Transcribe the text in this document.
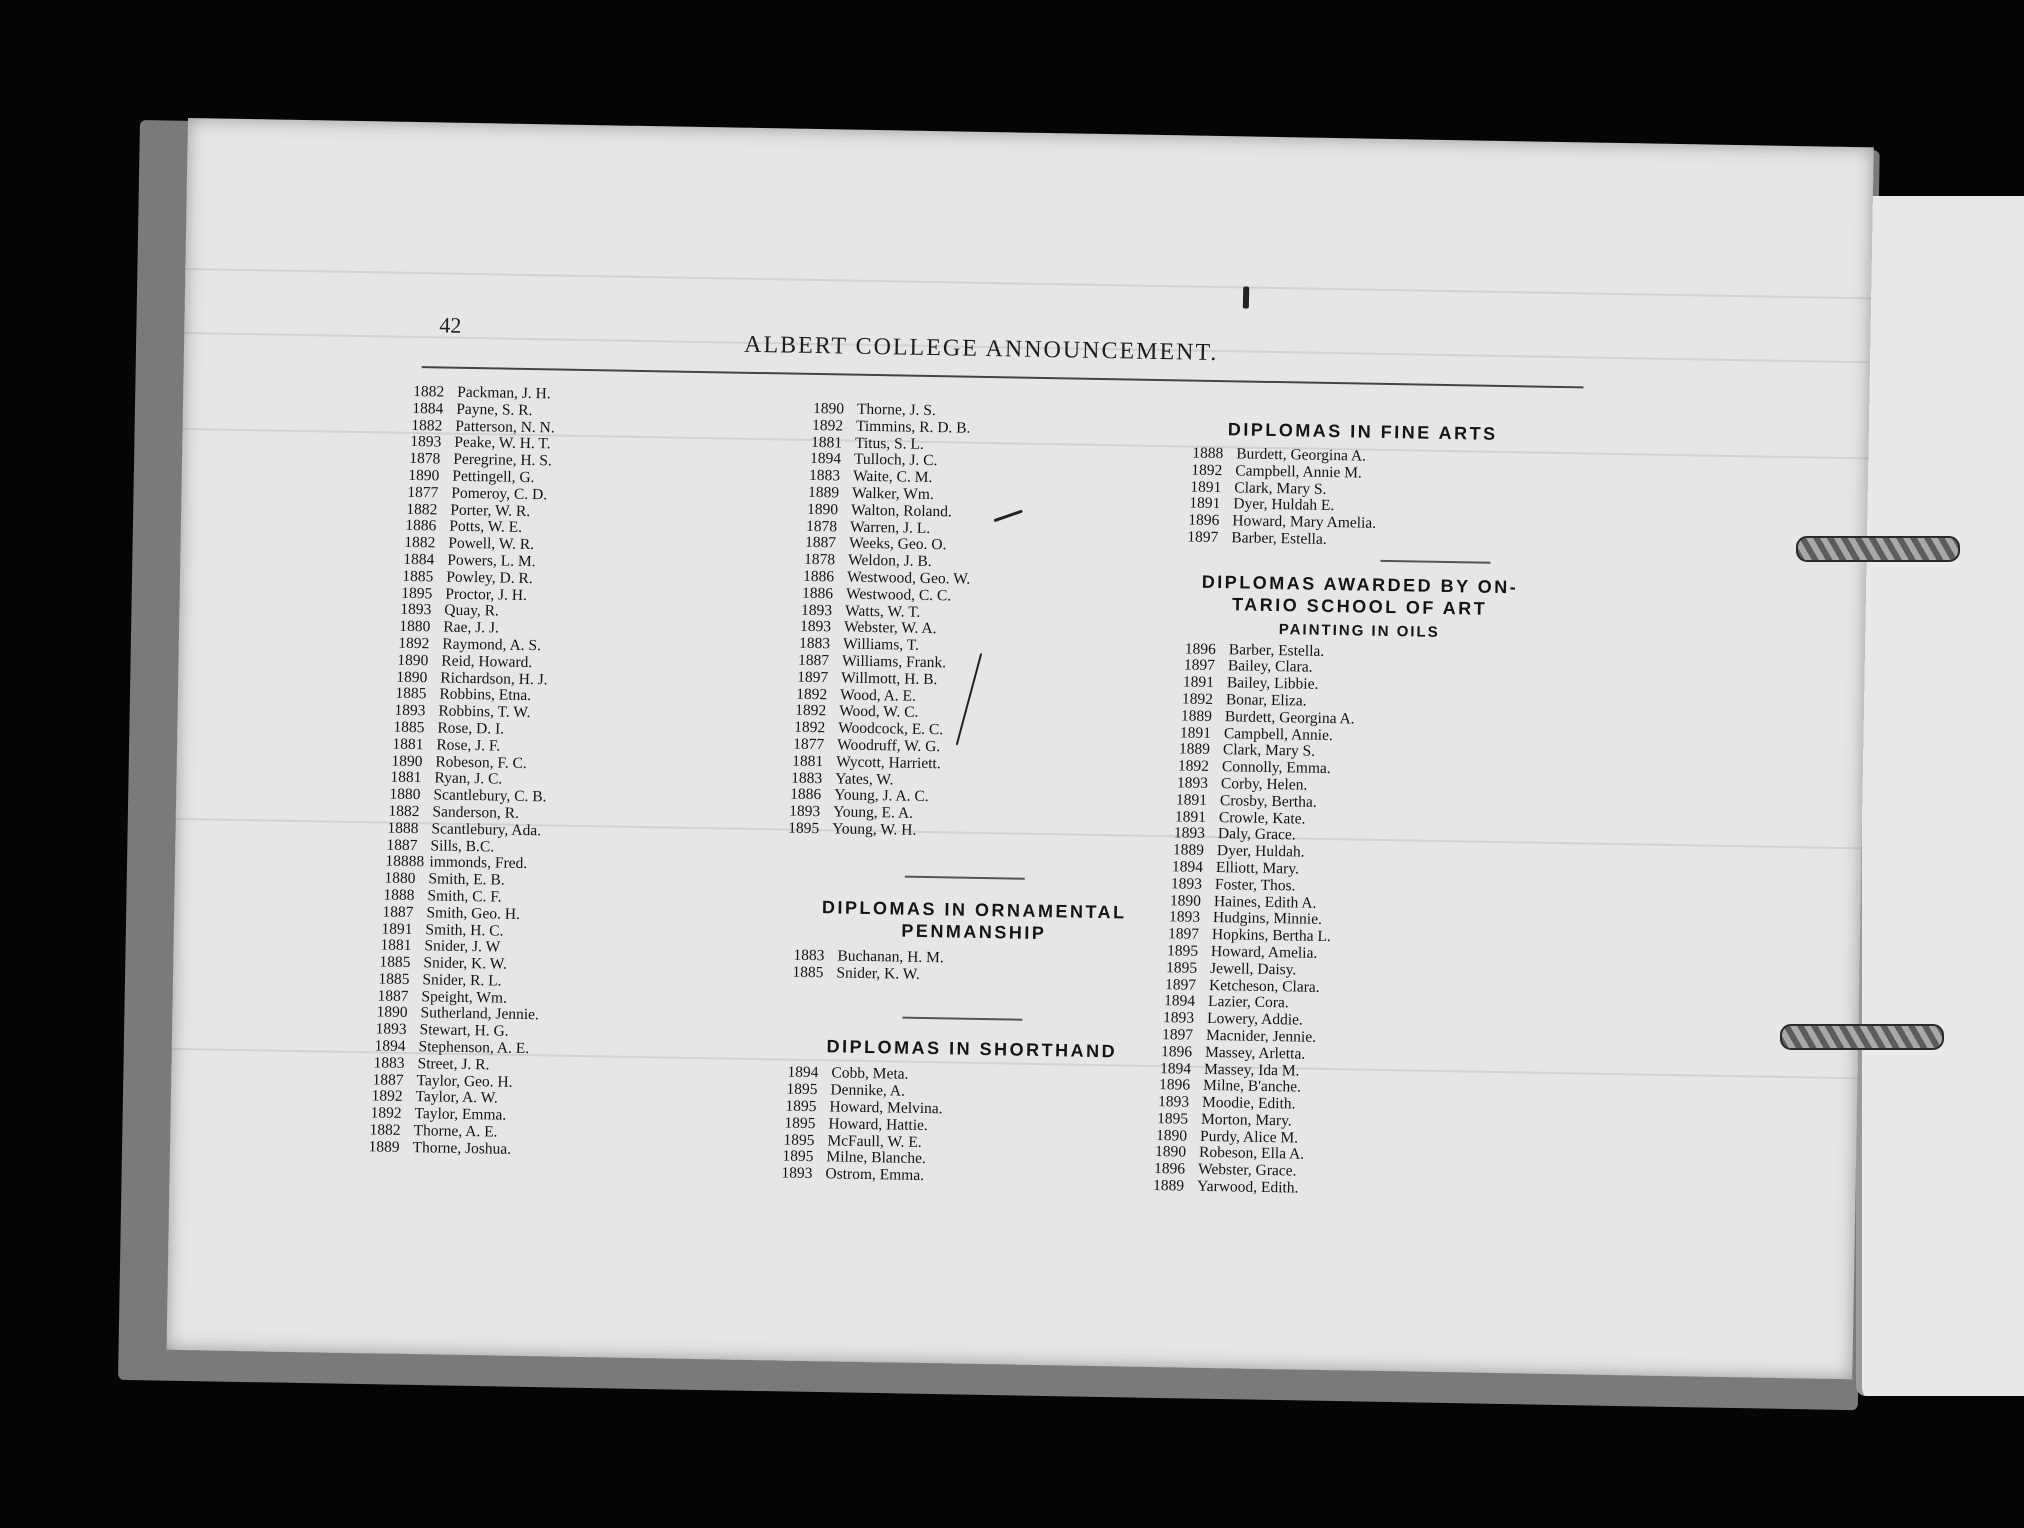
42
ALBERT COLLEGE ANNOUNCEMENT.
1882 Packman, J. H.
1884 Payne, S. R.
1882 Patterson, N. N.
1893 Peake, W. H. T.
1878 Peregrine, H. S.
1890 Pettingell, G.
1877 Pomeroy, C. D.
1882 Porter, W. R.
1886 Potts, W. E.
1882 Powell, W. R.
1884 Powers, L. M.
1885 Powley, D. R.
1895 Proctor, J. H.
1893 Quay, R.
1880 Rae, J. J.
1892 Raymond, A. S.
1890 Reid, Howard.
1890 Richardson, H. J.
1885 Robbins, Etna.
1893 Robbins, T. W.
1885 Rose, D. I.
1881 Rose, J. F.
1890 Robeson, F. C.
1881 Ryan, J. C.
1880 Scantlebury, C. B.
1882 Sanderson, R.
1888 Scantlebury, Ada.
1887 Sills, B.C.
18888 immonds, Fred.
1880 Smith, E. B.
1888 Smith, C. F.
1887 Smith, Geo. H.
1891 Smith, H. C.
1881 Snider, J. W
1885 Snider, K. W.
1885 Snider, R. L.
1887 Speight, Wm.
1890 Sutherland, Jennie.
1893 Stewart, H. G.
1894 Stephenson, A. E.
1883 Street, J. R.
1887 Taylor, Geo. H.
1892 Taylor, A. W.
1892 Taylor, Emma.
1882 Thorne, A. E.
1889 Thorne, Joshua.
1890 Thorne, J. S.
1892 Timmins, R. D. B.
1881 Titus, S. L.
1894 Tulloch, J. C.
1883 Waite, C. M.
1889 Walker, Wm.
1890 Walton, Roland.
1878 Warren, J. L.
1887 Weeks, Geo. O.
1878 Weldon, J. B.
1886 Westwood, Geo. W.
1886 Westwood, C. C.
1893 Watts, W. T.
1893 Webster, W. A.
1883 Williams, T.
1887 Williams, Frank.
1897 Willmott, H. B.
1892 Wood, A. E.
1892 Wood, W. C.
1892 Woodcock, E. C.
1877 Woodruff, W. G.
1881 Wycott, Harriett.
1883 Yates, W.
1886 Young, J. A. C.
1893 Young, E. A.
1895 Young, W. H.
DIPLOMAS IN ORNAMENTAL
PENMANSHIP
1883 Buchanan, H. M.
1885 Snider, K. W.
DIPLOMAS IN SHORTHAND
1894 Cobb, Meta.
1895 Dennike, A.
1895 Howard, Melvina.
1895 Howard, Hattie.
1895 McFaull, W. E.
1895 Milne, Blanche.
1893 Ostrom, Emma.
DIPLOMAS IN FINE ARTS
1888 Burdett, Georgina A.
1892 Campbell, Annie M.
1891 Clark, Mary S.
1891 Dyer, Huldah E.
1896 Howard, Mary Amelia.
1897 Barber, Estella.
DIPLOMAS AWARDED BY ON-
TARIO SCHOOL OF ART
PAINTING IN OILS
1896 Barber, Estella.
1897 Bailey, Clara.
1891 Bailey, Libbie.
1892 Bonar, Eliza.
1889 Burdett, Georgina A.
1891 Campbell, Annie.
1889 Clark, Mary S.
1892 Connolly, Emma.
1893 Corby, Helen.
1891 Crosby, Bertha.
1891 Crowle, Kate.
1893 Daly, Grace.
1889 Dyer, Huldah.
1894 Elliott, Mary.
1893 Foster, Thos.
1890 Haines, Edith A.
1893 Hudgins, Minnie.
1897 Hopkins, Bertha L.
1895 Howard, Amelia.
1895 Jewell, Daisy.
1897 Ketcheson, Clara.
1894 Lazier, Cora.
1893 Lowery, Addie.
1897 Macnider, Jennie.
1896 Massey, Arletta.
1894 Massey, Ida M.
1896 Milne, B'anche.
1893 Moodie, Edith.
1895 Morton, Mary.
1890 Purdy, Alice M.
1890 Robeson, Ella A.
1896 Webster, Grace.
1889 Yarwood, Edith.
